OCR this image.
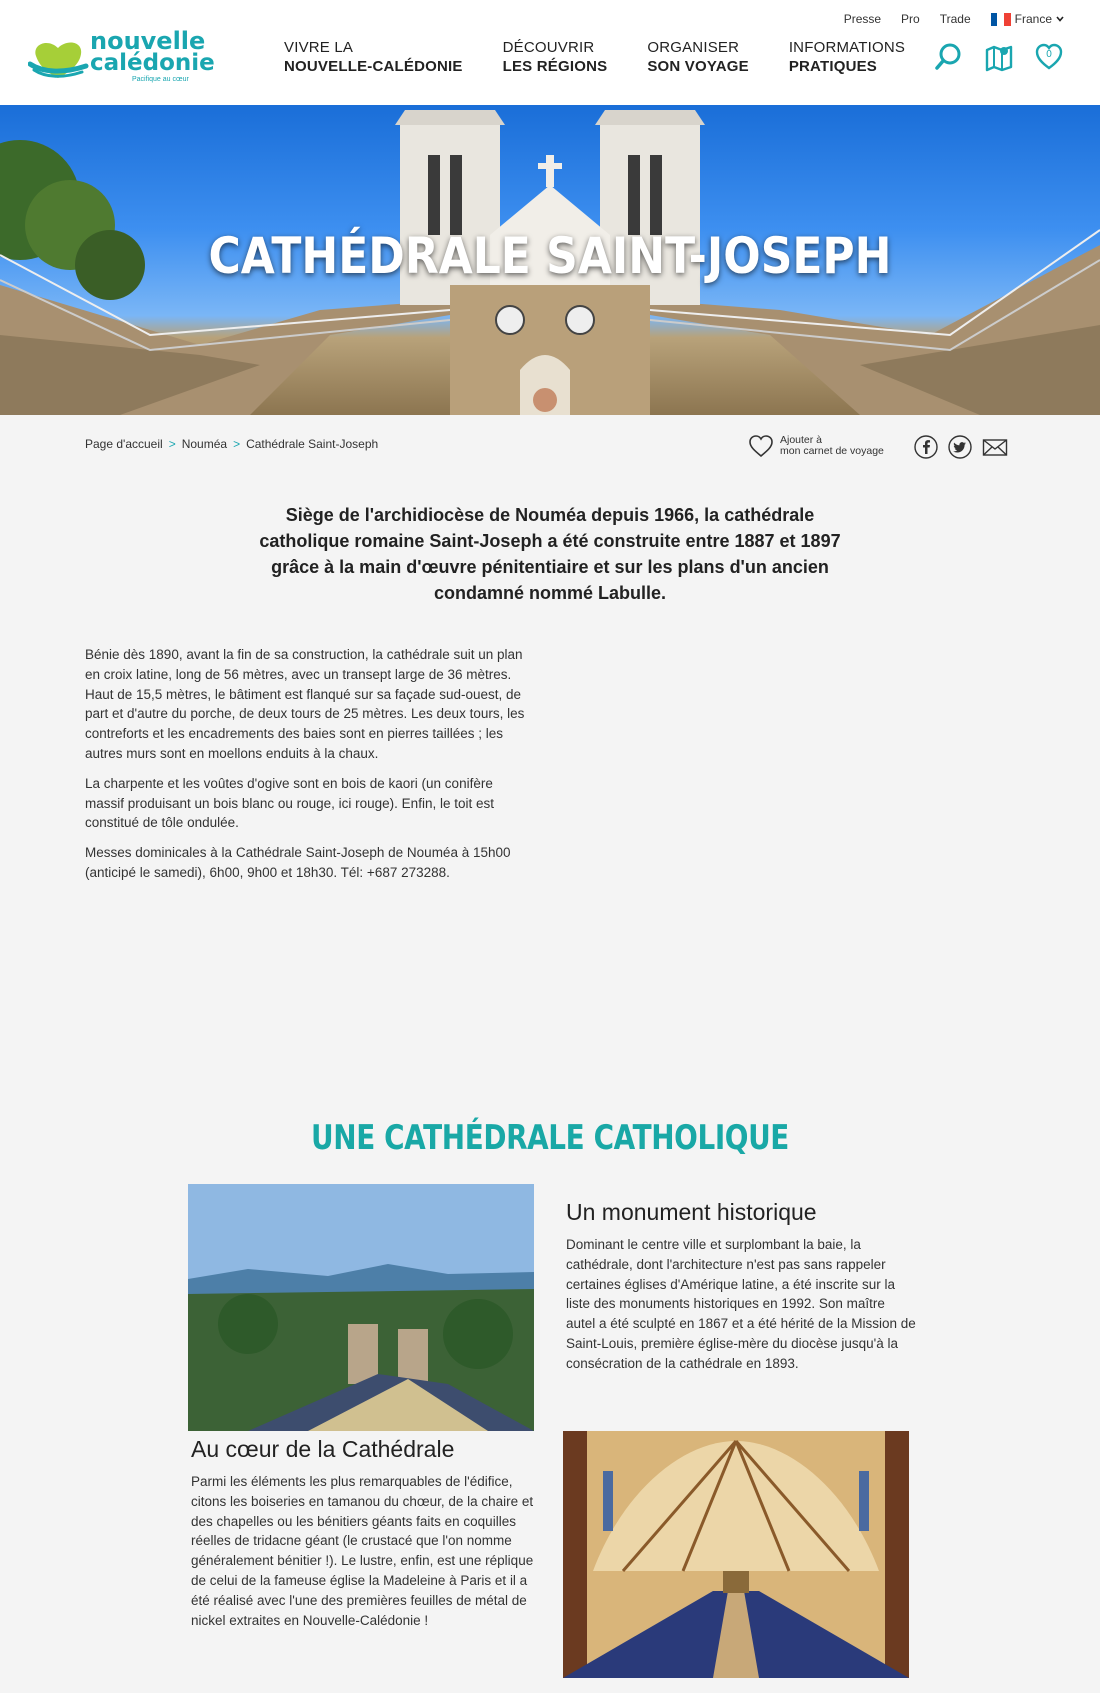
nouvelle
calédonie
Pacifique au cœur
Presse Pro Trade	France
VIVRE LA
NOUVELLE-CALÉDONIE
DÉCOUVRIR
LES RÉGIONS
ORGANISER
SON VOYAGE
INFORMATIONS
PRATIQUES
0
CATHÉDRALE SAINT-JOSEPH
Page d'accueil > Nouméa > Cathédrale Saint-Joseph	Ajouter à
mon carnet de voyage
Siège de l'archidiocèse de Nouméa depuis 1966, la cathédrale catholique romaine Saint-Joseph a été construite entre 1887 et 1897 grâce à la main d'œuvre pénitentiaire et sur les plans d'un ancien condamné nommé Labulle.

Bénie dès 1890, avant la fin de sa construction, la cathédrale suit un plan en croix latine, long de 56 mètres, avec un transept large de 36 mètres. Haut de 15,5 mètres, le bâtiment est flanqué sur sa façade sud-ouest, de part et d'autre du porche, de deux tours de 25 mètres. Les deux tours, les contreforts et les encadrements des baies sont en pierres taillées ; les autres murs sont en moellons enduits à la chaux.

La charpente et les voûtes d'ogive sont en bois de kaori (un conifère massif produisant un bois blanc ou rouge, ici rouge). Enfin, le toit est constitué de tôle ondulée.

Messes dominicales à la Cathédrale Saint-Joseph de Nouméa à 15h00 (anticipé le samedi), 6h00, 9h00 et 18h30. Tél: +687 273288.

UNE CATHÉDRALE CATHOLIQUE
Un monument historique
Dominant le centre ville et surplombant la baie, la cathédrale, dont l'architecture n'est pas sans rappeler certaines églises d'Amérique latine, a été inscrite sur la liste des monuments historiques en 1992. Son maître autel a été sculpté en 1867 et a été hérité de la Mission de Saint-Louis, première église-mère du diocèse jusqu'à la consécration de la cathédrale en 1893.
Au cœur de la Cathédrale
Parmi les éléments les plus remarquables de l'édifice, citons les boiseries en tamanou du chœur, de la chaire et des chapelles ou les bénitiers géants faits en coquilles réelles de tridacne géant (le crustacé que l'on nomme généralement bénitier !). Le lustre, enfin, est une réplique de celui de la fameuse église la Madeleine à Paris et il a été réalisé avec l'une des premières feuilles de métal de nickel extraites en Nouvelle-Calédonie !
